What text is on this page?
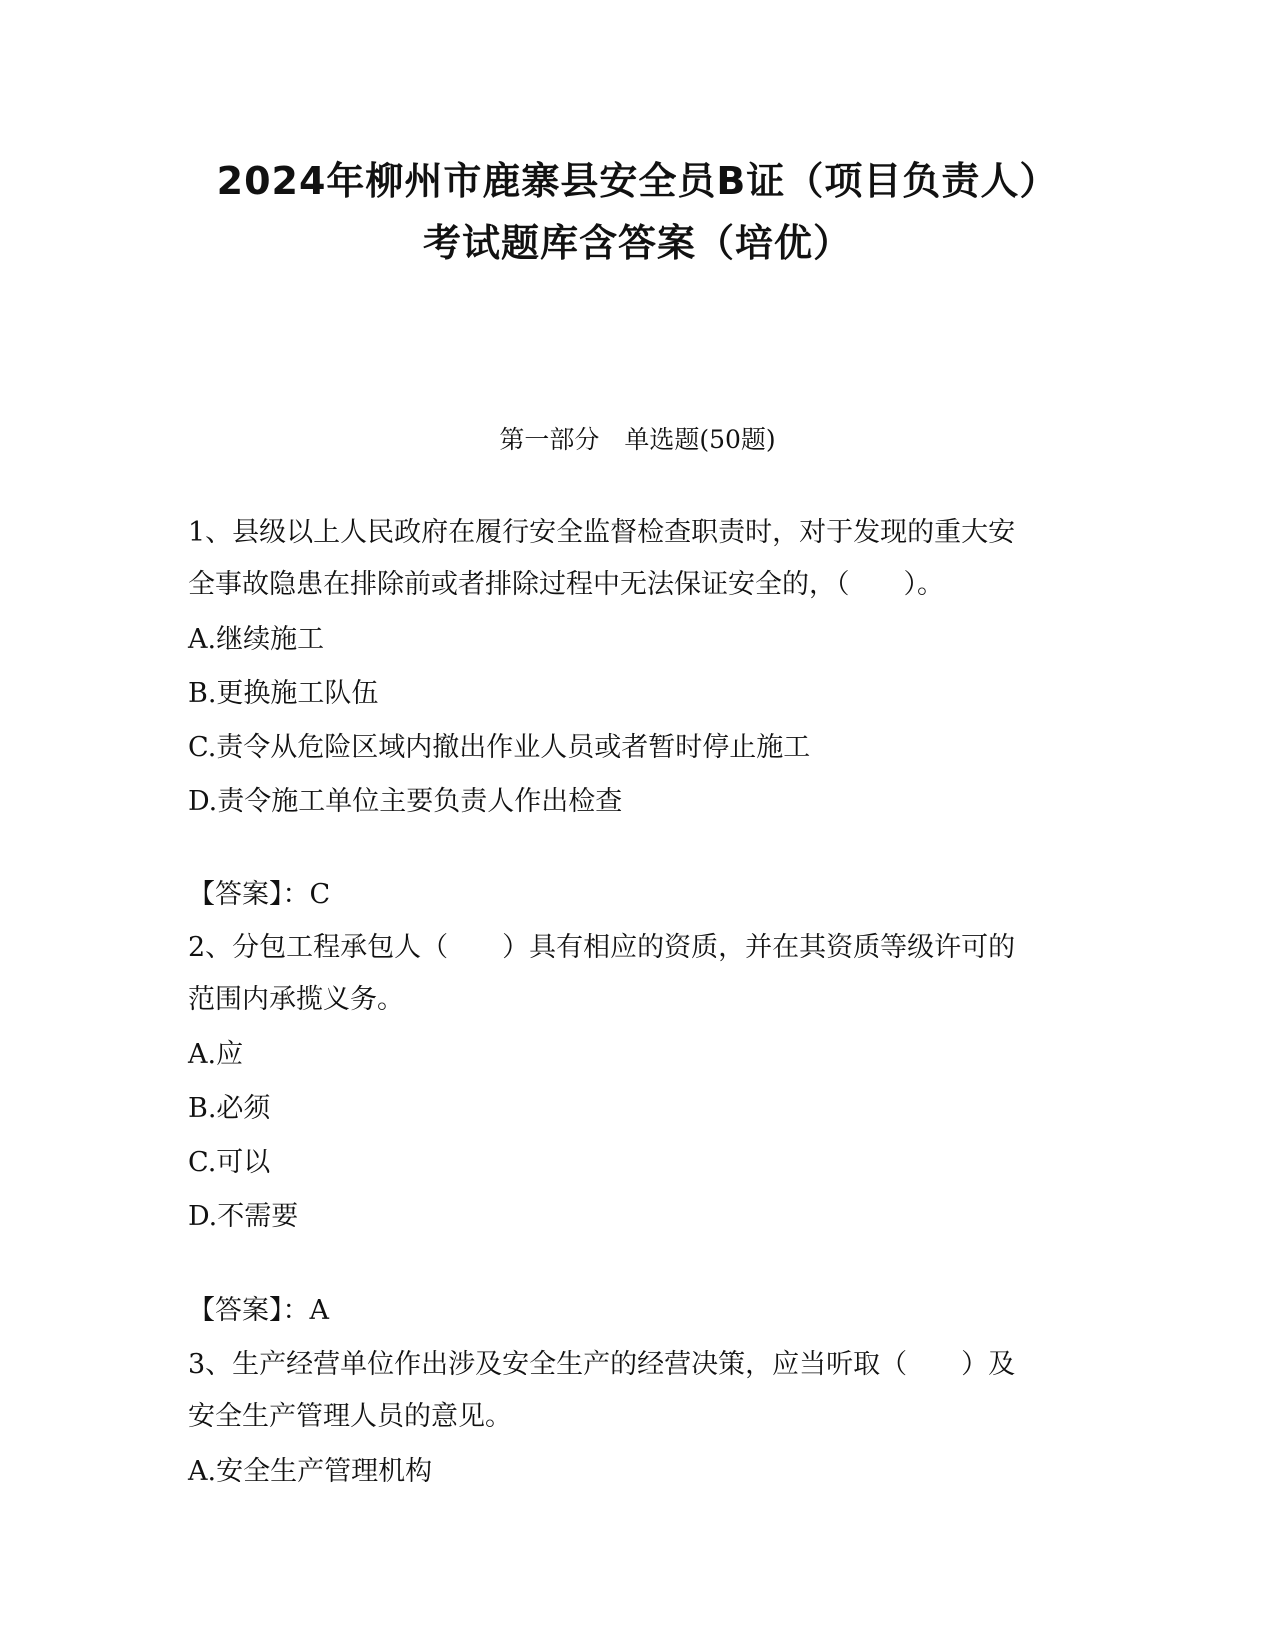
2024年柳州市鹿寨县安全员B证（项目负责人）
考试题库含答案（培优）
第一部分　单选题(50题)
1、县级以上人民政府在履行安全监督检查职责时，对于发现的重大安
全事故隐患在排除前或者排除过程中无法保证安全的，（　　）。
A.继续施工
B.更换施工队伍
C.责令从危险区域内撤出作业人员或者暂时停止施工
D.责令施工单位主要负责人作出检查
【答案】：C
2、分包工程承包人（　　）具有相应的资质，并在其资质等级许可的
范围内承揽义务。
A.应
B.必须
C.可以
D.不需要
【答案】：A
3、生产经营单位作出涉及安全生产的经营决策，应当听取（　　）及
安全生产管理人员的意见。
A.安全生产管理机构
